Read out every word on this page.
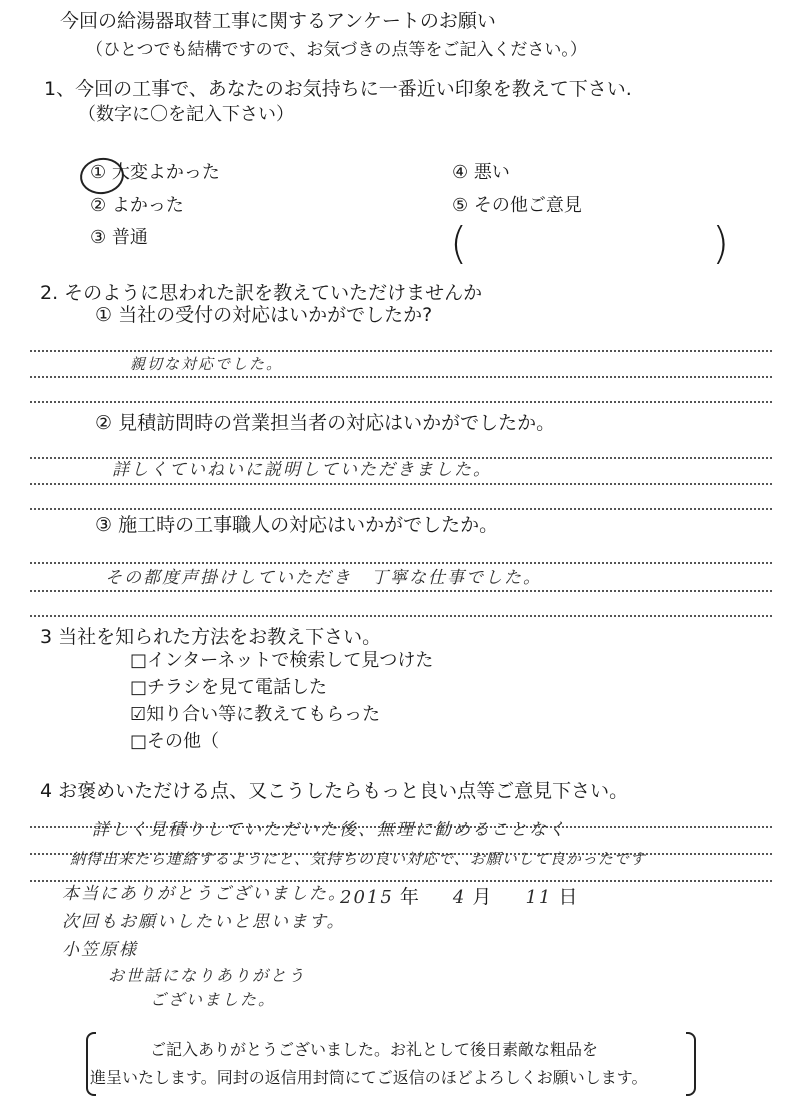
今回の給湯器取替工事に関するアンケートのお願い
（ひとつでも結構ですので、お気づきの点等をご記入ください。）
1、今回の工事で、あなたのお気持ちに一番近い印象を教えて下さい.
（数字に〇を記入下さい）
① 大変よかった
② よかった
③ 普通
④ 悪い
⑤ その他ご意見
(	)
2. そのように思われた訳を教えていただけませんか
① 当社の受付の対応はいかがでしたか?
親切な対応でした。
② 見積訪問時の営業担当者の対応はいかがでしたか。
詳しくていねいに説明していただきました。
③ 施工時の工事職人の対応はいかがでしたか。
その都度声掛けしていただき　丁寧な仕事でした。
3 当社を知られた方法をお教え下さい。
□インターネットで検索して見つけた
□チラシを見て電話した
☑知り合い等に教えてもらった
□その他（
4 お褒めいただける点、又こうしたらもっと良い点等ご意見下さい。
詳しく見積りしていただいた後、無理に勧めることなく
納得出来たら連絡するようにと、気持ちの良い対応で、お願いして良かったです
本当にありがとうございました。
次回もお願いしたいと思います。
小笠原様
お世話になりありがとう
ございました。
2015 年 4 月 11 日
ご記入ありがとうございました。お礼として後日素敵な粗品を
進呈いたします。同封の返信用封筒にてご返信のほどよろしくお願いします。
